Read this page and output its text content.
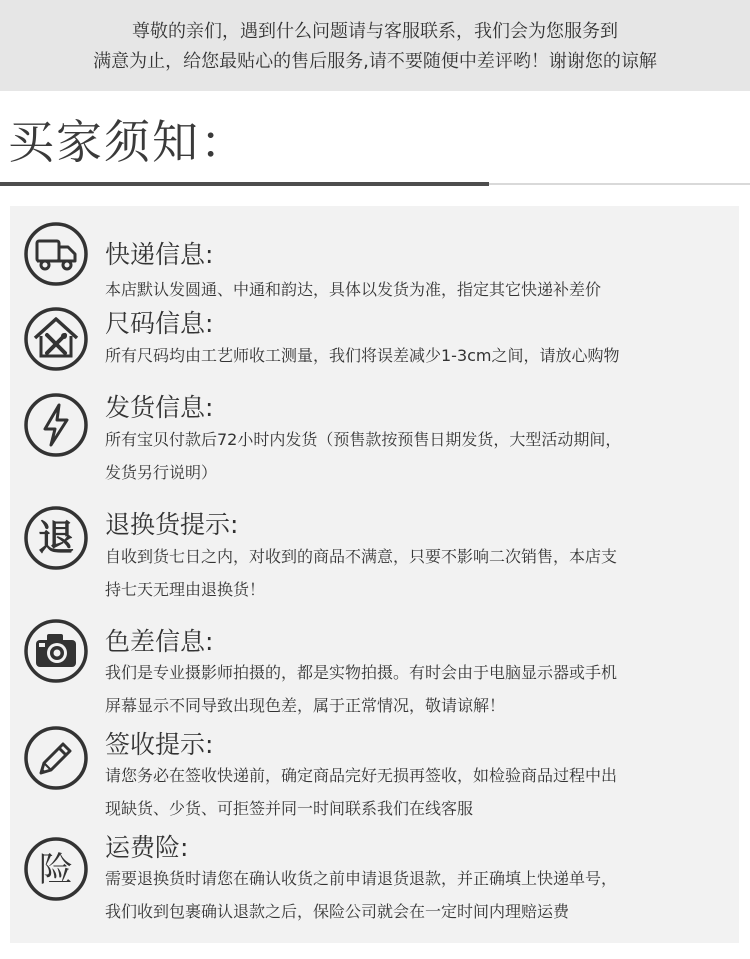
尊敬的亲们，遇到什么问题请与客服联系，我们会为您服务到
满意为止，给您最贴心的售后服务,请不要随便中差评哟！谢谢您的谅解
买家须知：
快递信息:
本店默认发圆通、中通和韵达，具体以发货为准，指定其它快递补差价
尺码信息:
所有尺码均由工艺师收工测量，我们将误差减少1-3cm之间，请放心购物
发货信息:
所有宝贝付款后72小时内发货（预售款按预售日期发货，大型活动期间，
发货另行说明）
退 退换货提示:
自收到货七日之内，对收到的商品不满意，只要不影响二次销售，本店支
持七天无理由退换货！
色差信息:
我们是专业摄影师拍摄的，都是实物拍摄。有时会由于电脑显示器或手机
屏幕显示不同导致出现色差，属于正常情况，敬请谅解！
签收提示:
请您务必在签收快递前，确定商品完好无损再签收，如检验商品过程中出
现缺货、少货、可拒签并同一时间联系我们在线客服
险
运费险:
需要退换货时请您在确认收货之前申请退货退款，并正确填上快递单号，
我们收到包裹确认退款之后，保险公司就会在一定时间内理赔运费
